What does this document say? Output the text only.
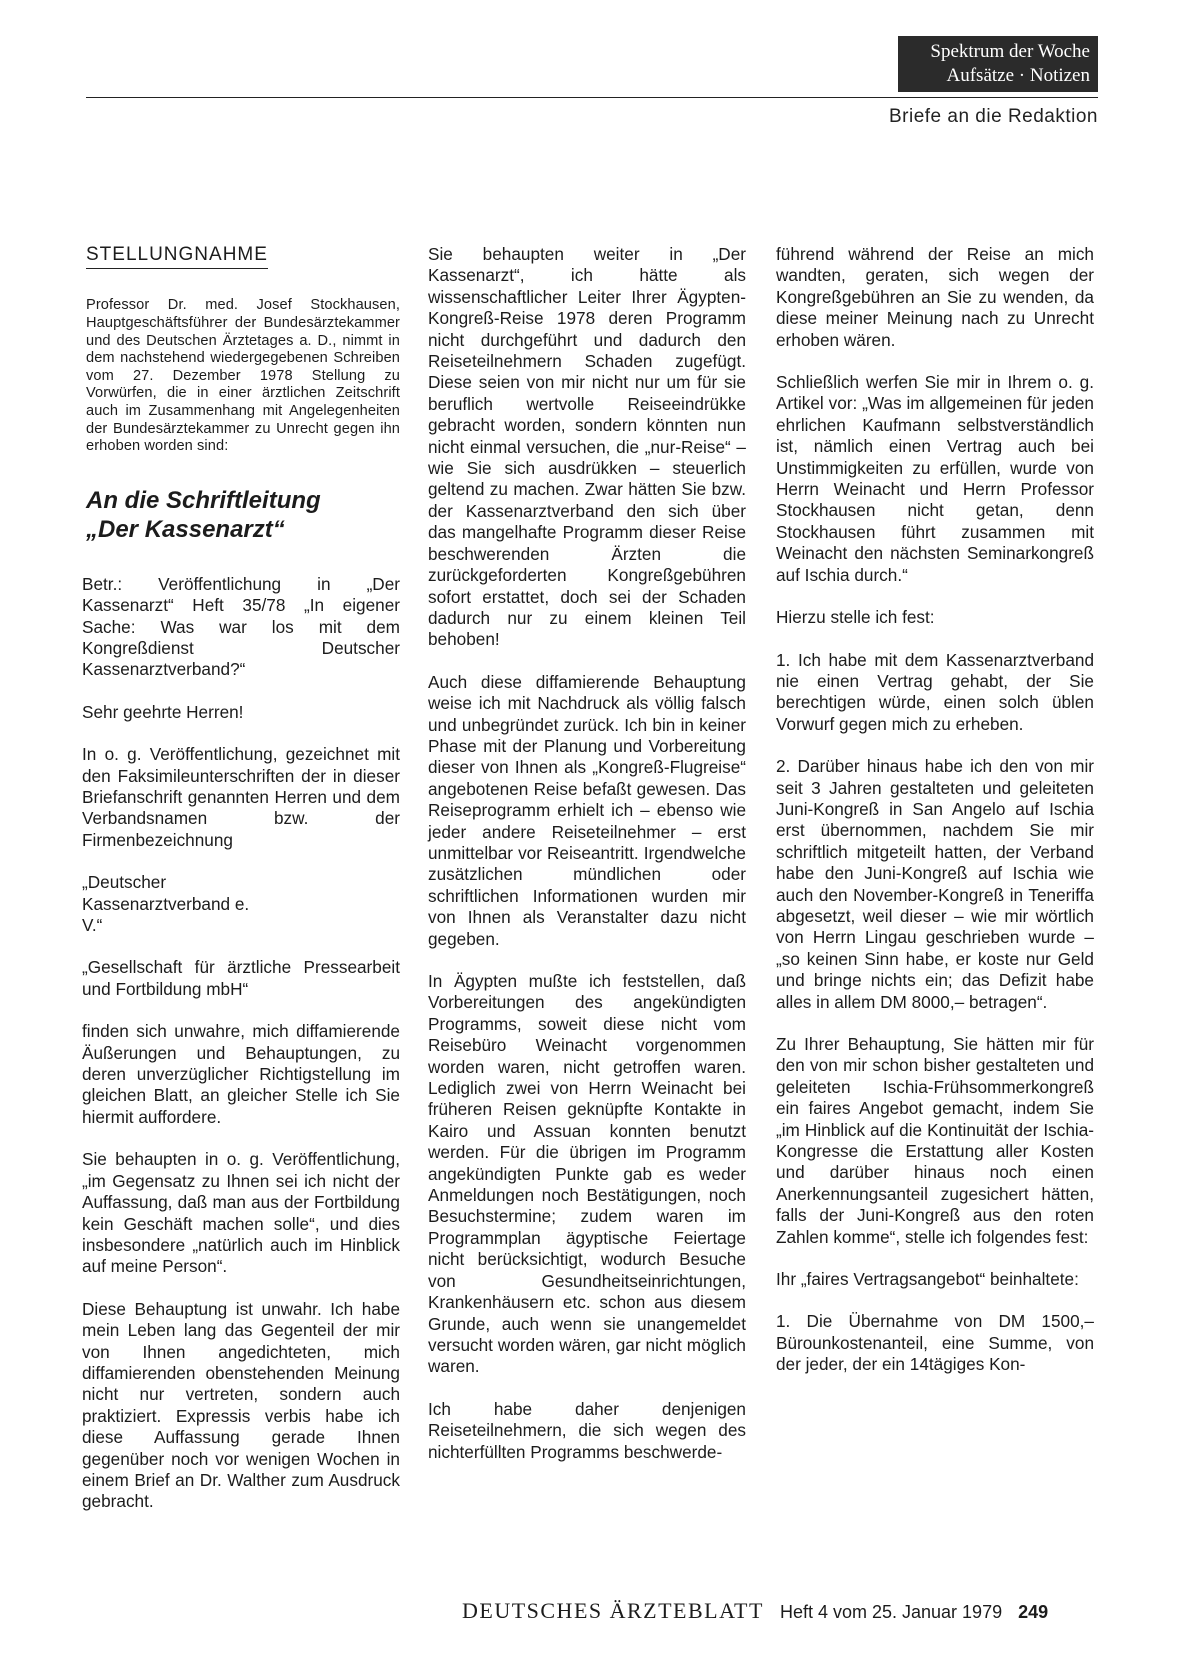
Spektrum der Woche
Aufsätze · Notizen
Briefe an die Redaktion
STELLUNGNAHME

Professor Dr. med. Josef Stockhausen, Hauptgeschäftsführer der Bundesärztekammer und des Deutschen Ärztetages a. D., nimmt in dem nachstehend wiedergegebenen Schreiben vom 27. Dezember 1978 Stellung zu Vorwürfen, die in einer ärztlichen Zeitschrift auch im Zusammenhang mit Angelegenheiten der Bundesärztekammer zu Unrecht gegen ihn erhoben worden sind:

An die Schriftleitung
„Der Kassenarzt“

Betr.: Veröffentlichung in „Der Kassenarzt“ Heft 35/78 „In eigener Sache: Was war los mit dem Kongreßdienst Deutscher Kassenarztverband?“

Sehr geehrte Herren!

In o. g. Veröffentlichung, gezeichnet mit den Faksimileunterschriften der in dieser Briefanschrift genannten Herren und dem Verbandsnamen bzw. der Firmenbezeichnung

„Deutscher Kassenarztverband e. V.“

„Gesellschaft für ärztliche Pressearbeit und Fortbildung mbH“

finden sich unwahre, mich diffamierende Äußerungen und Behauptungen, zu deren unverzüglicher Richtigstellung im gleichen Blatt, an gleicher Stelle ich Sie hiermit auffordere.

Sie behaupten in o. g. Veröffentlichung, „im Gegensatz zu Ihnen sei ich nicht der Auffassung, daß man aus der Fortbildung kein Geschäft machen solle“, und dies insbesondere „natürlich auch im Hinblick auf meine Person“.

Diese Behauptung ist unwahr. Ich habe mein Leben lang das Gegenteil der mir von Ihnen angedichteten, mich diffamierenden obenstehenden Meinung nicht nur vertreten, sondern auch praktiziert. Expressis verbis habe ich diese Auffassung gerade Ihnen gegenüber noch vor wenigen Wochen in einem Brief an Dr. Walther zum Ausdruck gebracht.

Sie behaupten weiter in „Der Kassenarzt“, ich hätte als wissenschaftlicher Leiter Ihrer Ägypten-Kongreß-Reise 1978 deren Programm nicht durchgeführt und dadurch den Reiseteilnehmern Schaden zugefügt. Diese seien von mir nicht nur um für sie beruflich wertvolle Reiseeindrükke gebracht worden, sondern könnten nun nicht einmal versuchen, die „nur-Reise“ – wie Sie sich ausdrükken – steuerlich geltend zu machen. Zwar hätten Sie bzw. der Kassenarztverband den sich über das mangelhafte Programm dieser Reise beschwerenden Ärzten die zurückgeforderten Kongreßgebühren sofort erstattet, doch sei der Schaden dadurch nur zu einem kleinen Teil behoben!

Auch diese diffamierende Behauptung weise ich mit Nachdruck als völlig falsch und unbegründet zurück. Ich bin in keiner Phase mit der Planung und Vorbereitung dieser von Ihnen als „Kongreß-Flugreise“ angebotenen Reise befaßt gewesen. Das Reiseprogramm erhielt ich – ebenso wie jeder andere Reiseteilnehmer – erst unmittelbar vor Reiseantritt. Irgendwelche zusätzlichen mündlichen oder schriftlichen Informationen wurden mir von Ihnen als Veranstalter dazu nicht gegeben.

In Ägypten mußte ich feststellen, daß Vorbereitungen des angekündigten Programms, soweit diese nicht vom Reisebüro Weinacht vorgenommen worden waren, nicht getroffen waren. Lediglich zwei von Herrn Weinacht bei früheren Reisen geknüpfte Kontakte in Kairo und Assuan konnten benutzt werden. Für die übrigen im Programm angekündigten Punkte gab es weder Anmeldungen noch Bestätigungen, noch Besuchstermine; zudem waren im Programmplan ägyptische Feiertage nicht berücksichtigt, wodurch Besuche von Gesundheitseinrichtungen, Krankenhäusern etc. schon aus diesem Grunde, auch wenn sie unangemeldet versucht worden wären, gar nicht möglich waren.

Ich habe daher denjenigen Reiseteilnehmern, die sich wegen des nichterfüllten Programms beschwerde-

führend während der Reise an mich wandten, geraten, sich wegen der Kongreßgebühren an Sie zu wenden, da diese meiner Meinung nach zu Unrecht erhoben wären.

Schließlich werfen Sie mir in Ihrem o. g. Artikel vor: „Was im allgemeinen für jeden ehrlichen Kaufmann selbstverständlich ist, nämlich einen Vertrag auch bei Unstimmigkeiten zu erfüllen, wurde von Herrn Weinacht und Herrn Professor Stockhausen nicht getan, denn Stockhausen führt zusammen mit Weinacht den nächsten Seminarkongreß auf Ischia durch.“

Hierzu stelle ich fest:

1. Ich habe mit dem Kassenarztverband nie einen Vertrag gehabt, der Sie berechtigen würde, einen solch üblen Vorwurf gegen mich zu erheben.

2. Darüber hinaus habe ich den von mir seit 3 Jahren gestalteten und geleiteten Juni-Kongreß in San Angelo auf Ischia erst übernommen, nachdem Sie mir schriftlich mitgeteilt hatten, der Verband habe den Juni-Kongreß auf Ischia wie auch den November-Kongreß in Teneriffa abgesetzt, weil dieser – wie mir wörtlich von Herrn Lingau geschrieben wurde – „so keinen Sinn habe, er koste nur Geld und bringe nichts ein; das Defizit habe alles in allem DM 8000,– betragen“.

Zu Ihrer Behauptung, Sie hätten mir für den von mir schon bisher gestalteten und geleiteten Ischia-Frühsommerkongreß ein faires Angebot gemacht, indem Sie „im Hinblick auf die Kontinuität der Ischia-Kongresse die Erstattung aller Kosten und darüber hinaus noch einen Anerkennungsanteil zugesichert hätten, falls der Juni-Kongreß aus den roten Zahlen komme“, stelle ich folgendes fest:

Ihr „faires Vertragsangebot“ beinhaltete:

1. Die Übernahme von DM 1500,– Bürounkostenanteil, eine Summe, von der jeder, der ein 14tägiges Kon-

DEUTSCHES ÄRZTEBLATT Heft 4 vom 25. Januar 1979 249
